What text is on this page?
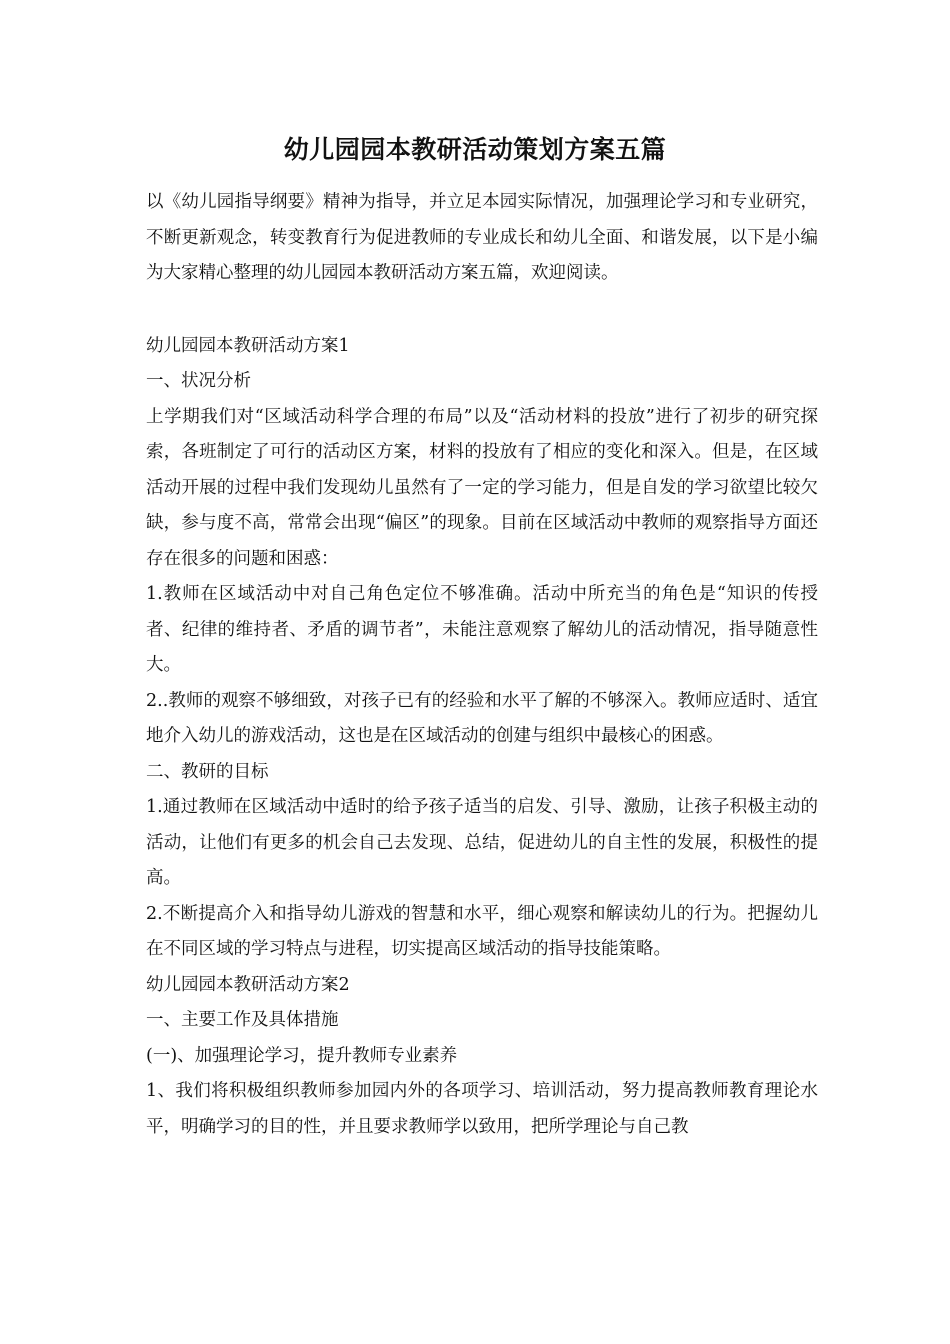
幼儿园园本教研活动策划方案五篇

以《幼儿园指导纲要》精神为指导，并立足本园实际情况，加强理论学习和专业研究，不断更新观念，转变教育行为促进教师的专业成长和幼儿全面、和谐发展，以下是小编为大家精心整理的幼儿园园本教研活动方案五篇，欢迎阅读。

幼儿园园本教研活动方案1

一、状况分析

上学期我们对“区域活动科学合理的布局”以及“活动材料的投放”进行了初步的研究探索，各班制定了可行的活动区方案，材料的投放有了相应的变化和深入。但是，在区域活动开展的过程中我们发现幼儿虽然有了一定的学习能力，但是自发的学习欲望比较欠缺，参与度不高，常常会出现“偏区”的现象。目前在区域活动中教师的观察指导方面还存在很多的问题和困惑：

1.教师在区域活动中对自己角色定位不够准确。活动中所充当的角色是“知识的传授者、纪律的维持者、矛盾的调节者”，未能注意观察了解幼儿的活动情况，指导随意性大。

2..教师的观察不够细致，对孩子已有的经验和水平了解的不够深入。教师应适时、适宜地介入幼儿的游戏活动，这也是在区域活动的创建与组织中最核心的困惑。

二、教研的目标

1.通过教师在区域活动中适时的给予孩子适当的启发、引导、激励，让孩子积极主动的活动，让他们有更多的机会自己去发现、总结，促进幼儿的自主性的发展，积极性的提高。

2.不断提高介入和指导幼儿游戏的智慧和水平，细心观察和解读幼儿的行为。把握幼儿在不同区域的学习特点与进程，切实提高区域活动的指导技能策略。

幼儿园园本教研活动方案2

一、主要工作及具体措施

(一)、加强理论学习，提升教师专业素养

1、我们将积极组织教师参加园内外的各项学习、培训活动，努力提高教师教育理论水平，明确学习的目的性，并且要求教师学以致用，把所学理论与自己教
